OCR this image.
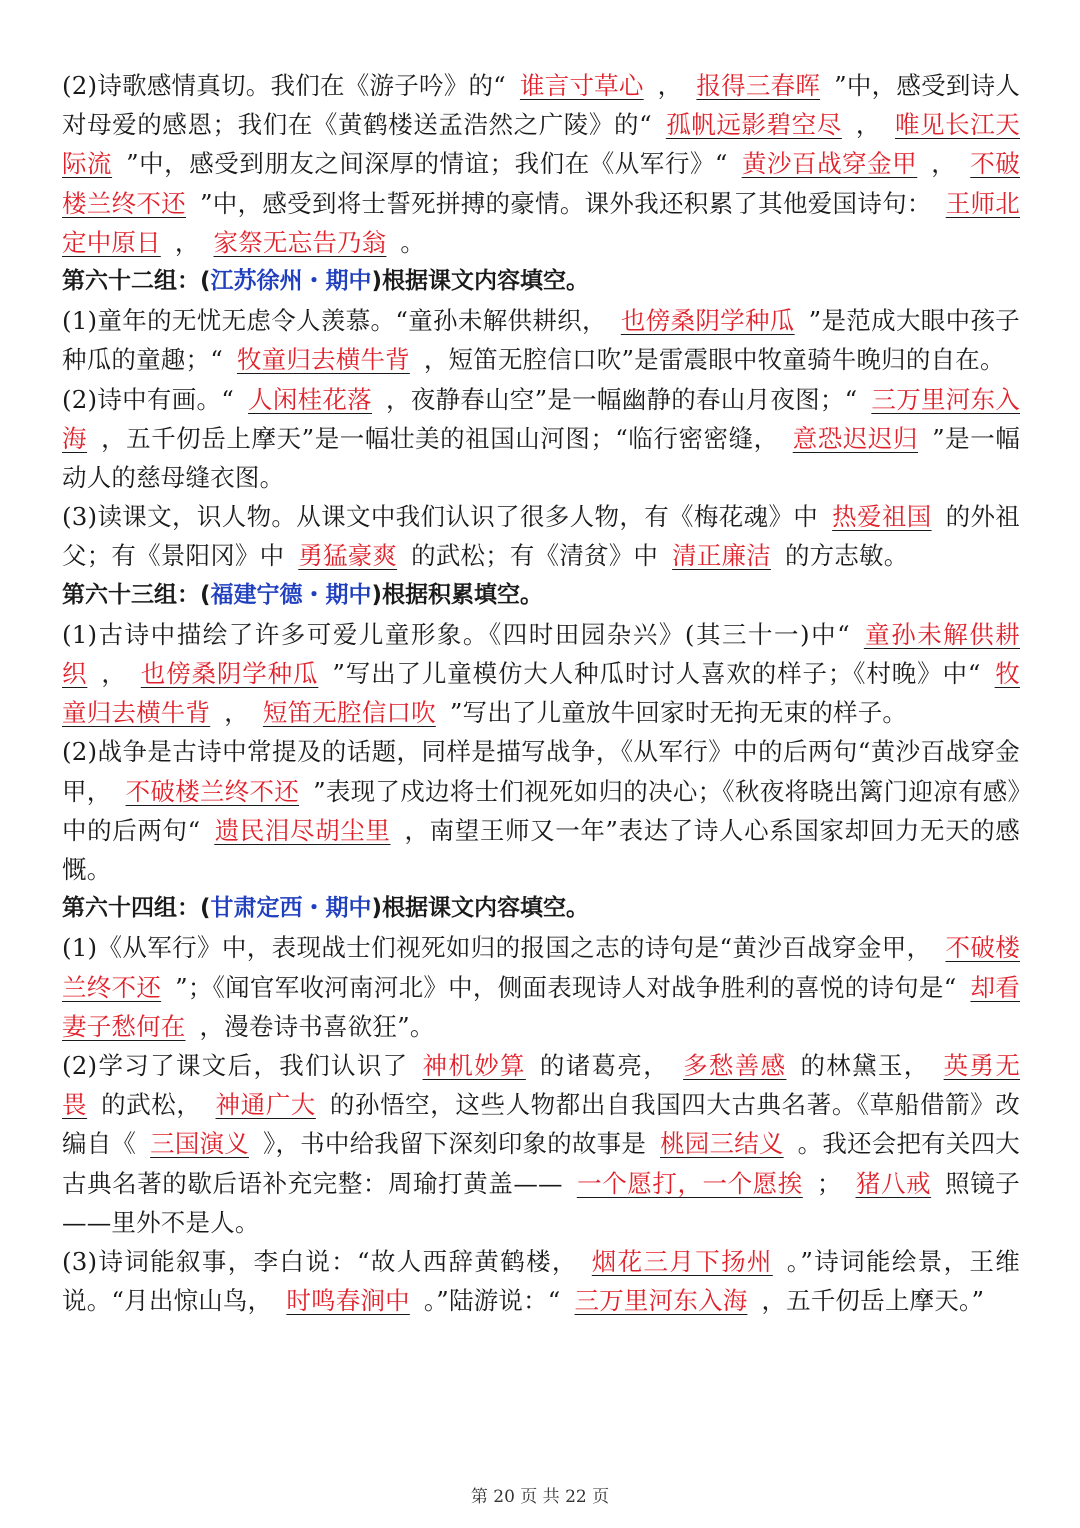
(2)诗歌感情真切。我们在《游子吟》的“ 谁言寸草心 ， 报得三春晖 ”中，感受到诗人对母爱的感恩；我们在《黄鹤楼送孟浩然之广陵》的“ 孤帆远影碧空尽 ， 唯见长江天际流 ”中，感受到朋友之间深厚的情谊；我们在《从军行》“ 黄沙百战穿金甲 ， 不破楼兰终不还 ”中，感受到将士誓死拼搏的豪情。课外我还积累了其他爱国诗句： 王师北定中原日 ， 家祭无忘告乃翁 。

第六十二组：(江苏徐州・期中)根据课文内容填空。

(1)童年的无忧无虑令人羡慕。“童孙未解供耕织， 也傍桑阴学种瓜 ”是范成大眼中孩子种瓜的童趣；“ 牧童归去横牛背 ，短笛无腔信口吹”是雷震眼中牧童骑牛晚归的自在。

(2)诗中有画。“ 人闲桂花落 ，夜静春山空”是一幅幽静的春山月夜图；“ 三万里河东入海 ，五千仞岳上摩天”是一幅壮美的祖国山河图；“临行密密缝， 意恐迟迟归 ”是一幅动人的慈母缝衣图。

(3)读课文，识人物。从课文中我们认识了很多人物，有《梅花魂》中 热爱祖国 的外祖父；有《景阳冈》中 勇猛豪爽 的武松；有《清贫》中 清正廉洁 的方志敏。

第六十三组：(福建宁德・期中)根据积累填空。

(1)古诗中描绘了许多可爱儿童形象。《四时田园杂兴》(其三十一)中“ 童孙未解供耕织 ， 也傍桑阴学种瓜 ”写出了儿童模仿大人种瓜时讨人喜欢的样子；《村晚》中“ 牧童归去横牛背 ， 短笛无腔信口吹 ”写出了儿童放牛回家时无拘无束的样子。

(2)战争是古诗中常提及的话题，同样是描写战争，《从军行》中的后两句“黄沙百战穿金甲， 不破楼兰终不还 ”表现了戍边将士们视死如归的决心；《秋夜将晓出篱门迎凉有感》中的后两句“ 遗民泪尽胡尘里 ，南望王师又一年”表达了诗人心系国家却回力无天的感慨。

第六十四组：(甘肃定西・期中)根据课文内容填空。

(1)《从军行》中，表现战士们视死如归的报国之志的诗句是“黄沙百战穿金甲， 不破楼兰终不还 ”；《闻官军收河南河北》中，侧面表现诗人对战争胜利的喜悦的诗句是“ 却看妻子愁何在 ，漫卷诗书喜欲狂”。

(2)学习了课文后，我们认识了 神机妙算 的诸葛亮， 多愁善感 的林黛玉， 英勇无畏 的武松， 神通广大 的孙悟空，这些人物都出自我国四大古典名著。《草船借箭》改编自《 三国演义 》，书中给我留下深刻印象的故事是 桃园三结义 。我还会把有关四大古典名著的歇后语补充完整：周瑜打黄盖—— 一个愿打，一个愿挨 ； 猪八戒 照镜子——里外不是人。

(3)诗词能叙事，李白说：“故人西辞黄鹤楼， 烟花三月下扬州 。”诗词能绘景，王维说。“月出惊山鸟， 时鸣春涧中 。”陆游说：“ 三万里河东入海 ，五千仞岳上摩天。”

第 20 页 共 22 页
